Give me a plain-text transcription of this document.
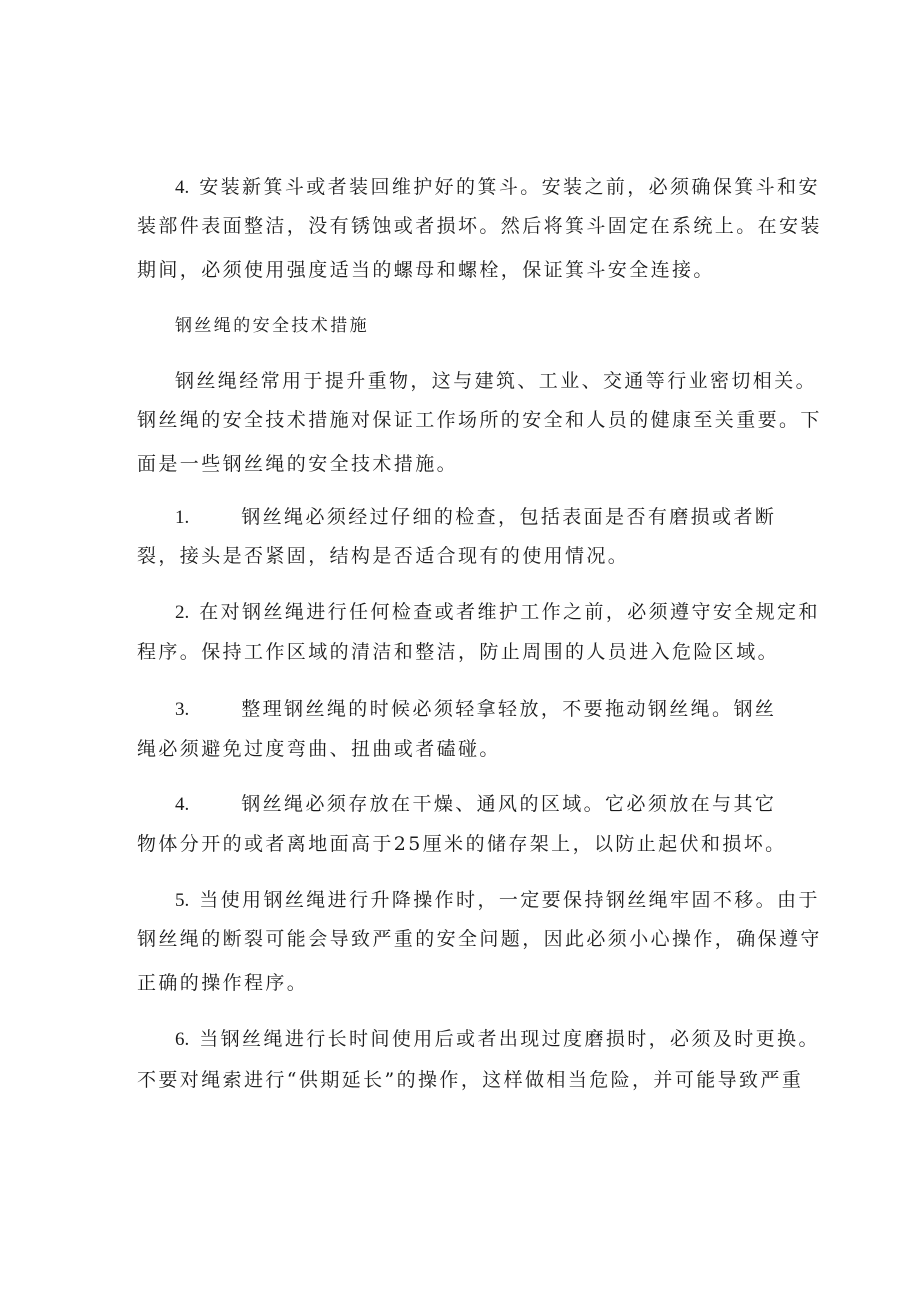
4. 安装新箕斗或者装回维护好的箕斗。安装之前，必须确保箕斗和安
装部件表面整洁，没有锈蚀或者损坏。然后将箕斗固定在系统上。在安装
期间，必须使用强度适当的螺母和螺栓，保证箕斗安全连接。
钢丝绳的安全技术措施
钢丝绳经常用于提升重物，这与建筑、工业、交通等行业密切相关。
钢丝绳的安全技术措施对保证工作场所的安全和人员的健康至关重要。下
面是一些钢丝绳的安全技术措施。
1.	钢丝绳必须经过仔细的检查，包括表面是否有磨损或者断
裂，接头是否紧固，结构是否适合现有的使用情况。
2. 在对钢丝绳进行任何检查或者维护工作之前，必须遵守安全规定和
程序。保持工作区域的清洁和整洁，防止周围的人员进入危险区域。
3.	整理钢丝绳的时候必须轻拿轻放，不要拖动钢丝绳。钢丝
绳必须避免过度弯曲、扭曲或者磕碰。
4.	钢丝绳必须存放在干燥、通风的区域。它必须放在与其它
物体分开的或者离地面高于25厘米的储存架上，以防止起伏和损坏。
5. 当使用钢丝绳进行升降操作时，一定要保持钢丝绳牢固不移。由于
钢丝绳的断裂可能会导致严重的安全问题，因此必须小心操作，确保遵守
正确的操作程序。
6. 当钢丝绳进行长时间使用后或者出现过度磨损时，必须及时更换。
不要对绳索进行“供期延长”的操作，这样做相当危险，并可能导致严重
